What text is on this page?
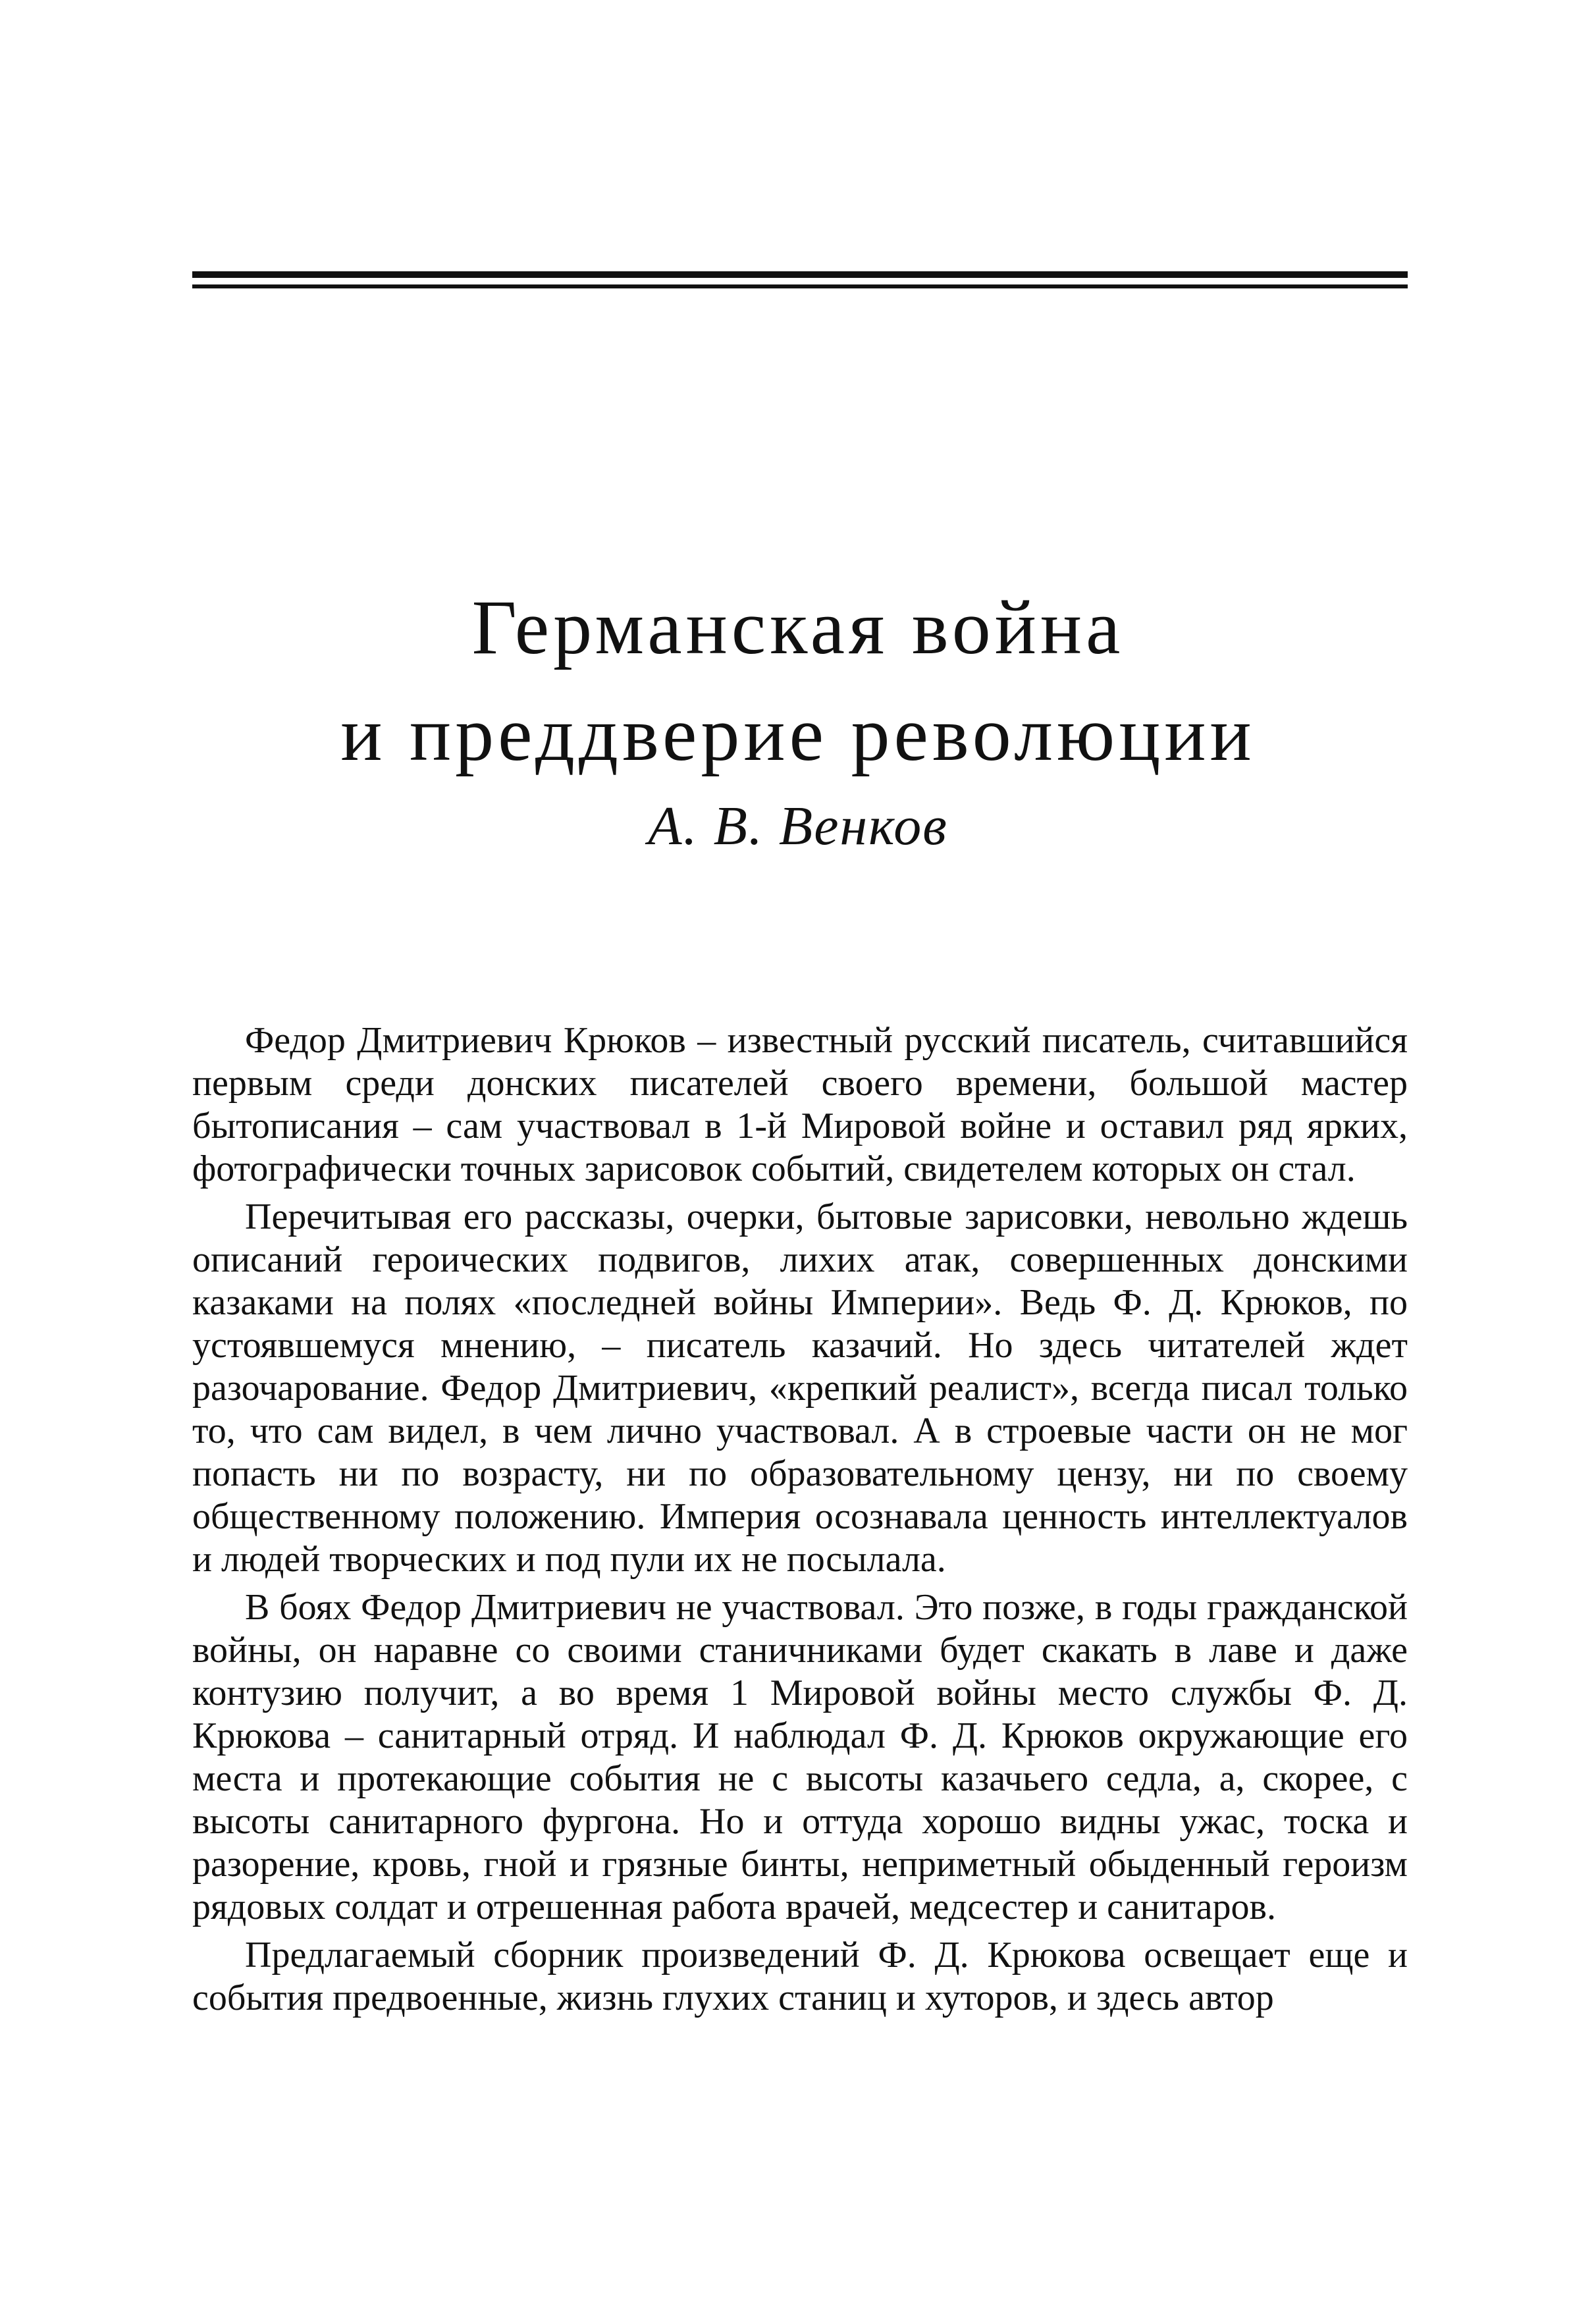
Германская война
и преддверие революции
А. В. Венков

Федор Дмитриевич Крюков – известный русский писатель, считавшийся первым среди донских писателей своего времени, большой мастер бытописания – сам участвовал в 1-й Мировой войне и оставил ряд ярких, фотографически точных зарисовок событий, свидетелем которых он стал.

Перечитывая его рассказы, очерки, бытовые зарисовки, невольно ждешь описаний героических подвигов, лихих атак, совершенных донскими казаками на полях «последней войны Империи». Ведь Ф. Д. Крюков, по устоявшемуся мнению, – писатель казачий. Но здесь читателей ждет разочарование. Федор Дмитриевич, «крепкий реалист», всегда писал только то, что сам видел, в чем лично участвовал. А в строевые части он не мог попасть ни по возрасту, ни по образовательному цензу, ни по своему общественному положению. Империя осознавала ценность интеллектуалов и людей творческих и под пули их не посылала.

В боях Федор Дмитриевич не участвовал. Это позже, в годы гражданской войны, он наравне со своими станичниками будет скакать в лаве и даже контузию получит, а во время 1 Мировой войны место службы Ф. Д. Крюкова – санитарный отряд. И наблюдал Ф. Д. Крюков окружающие его места и протекающие события не с высоты казачьего седла, а, скорее, с высоты санитарного фургона. Но и оттуда хорошо видны ужас, тоска и разорение, кровь, гной и грязные бинты, неприметный обыденный героизм рядовых солдат и отрешенная работа врачей, медсестер и санитаров.

Предлагаемый сборник произведений Ф. Д. Крюкова освещает еще и события предвоенные, жизнь глухих станиц и хуторов, и здесь автор
